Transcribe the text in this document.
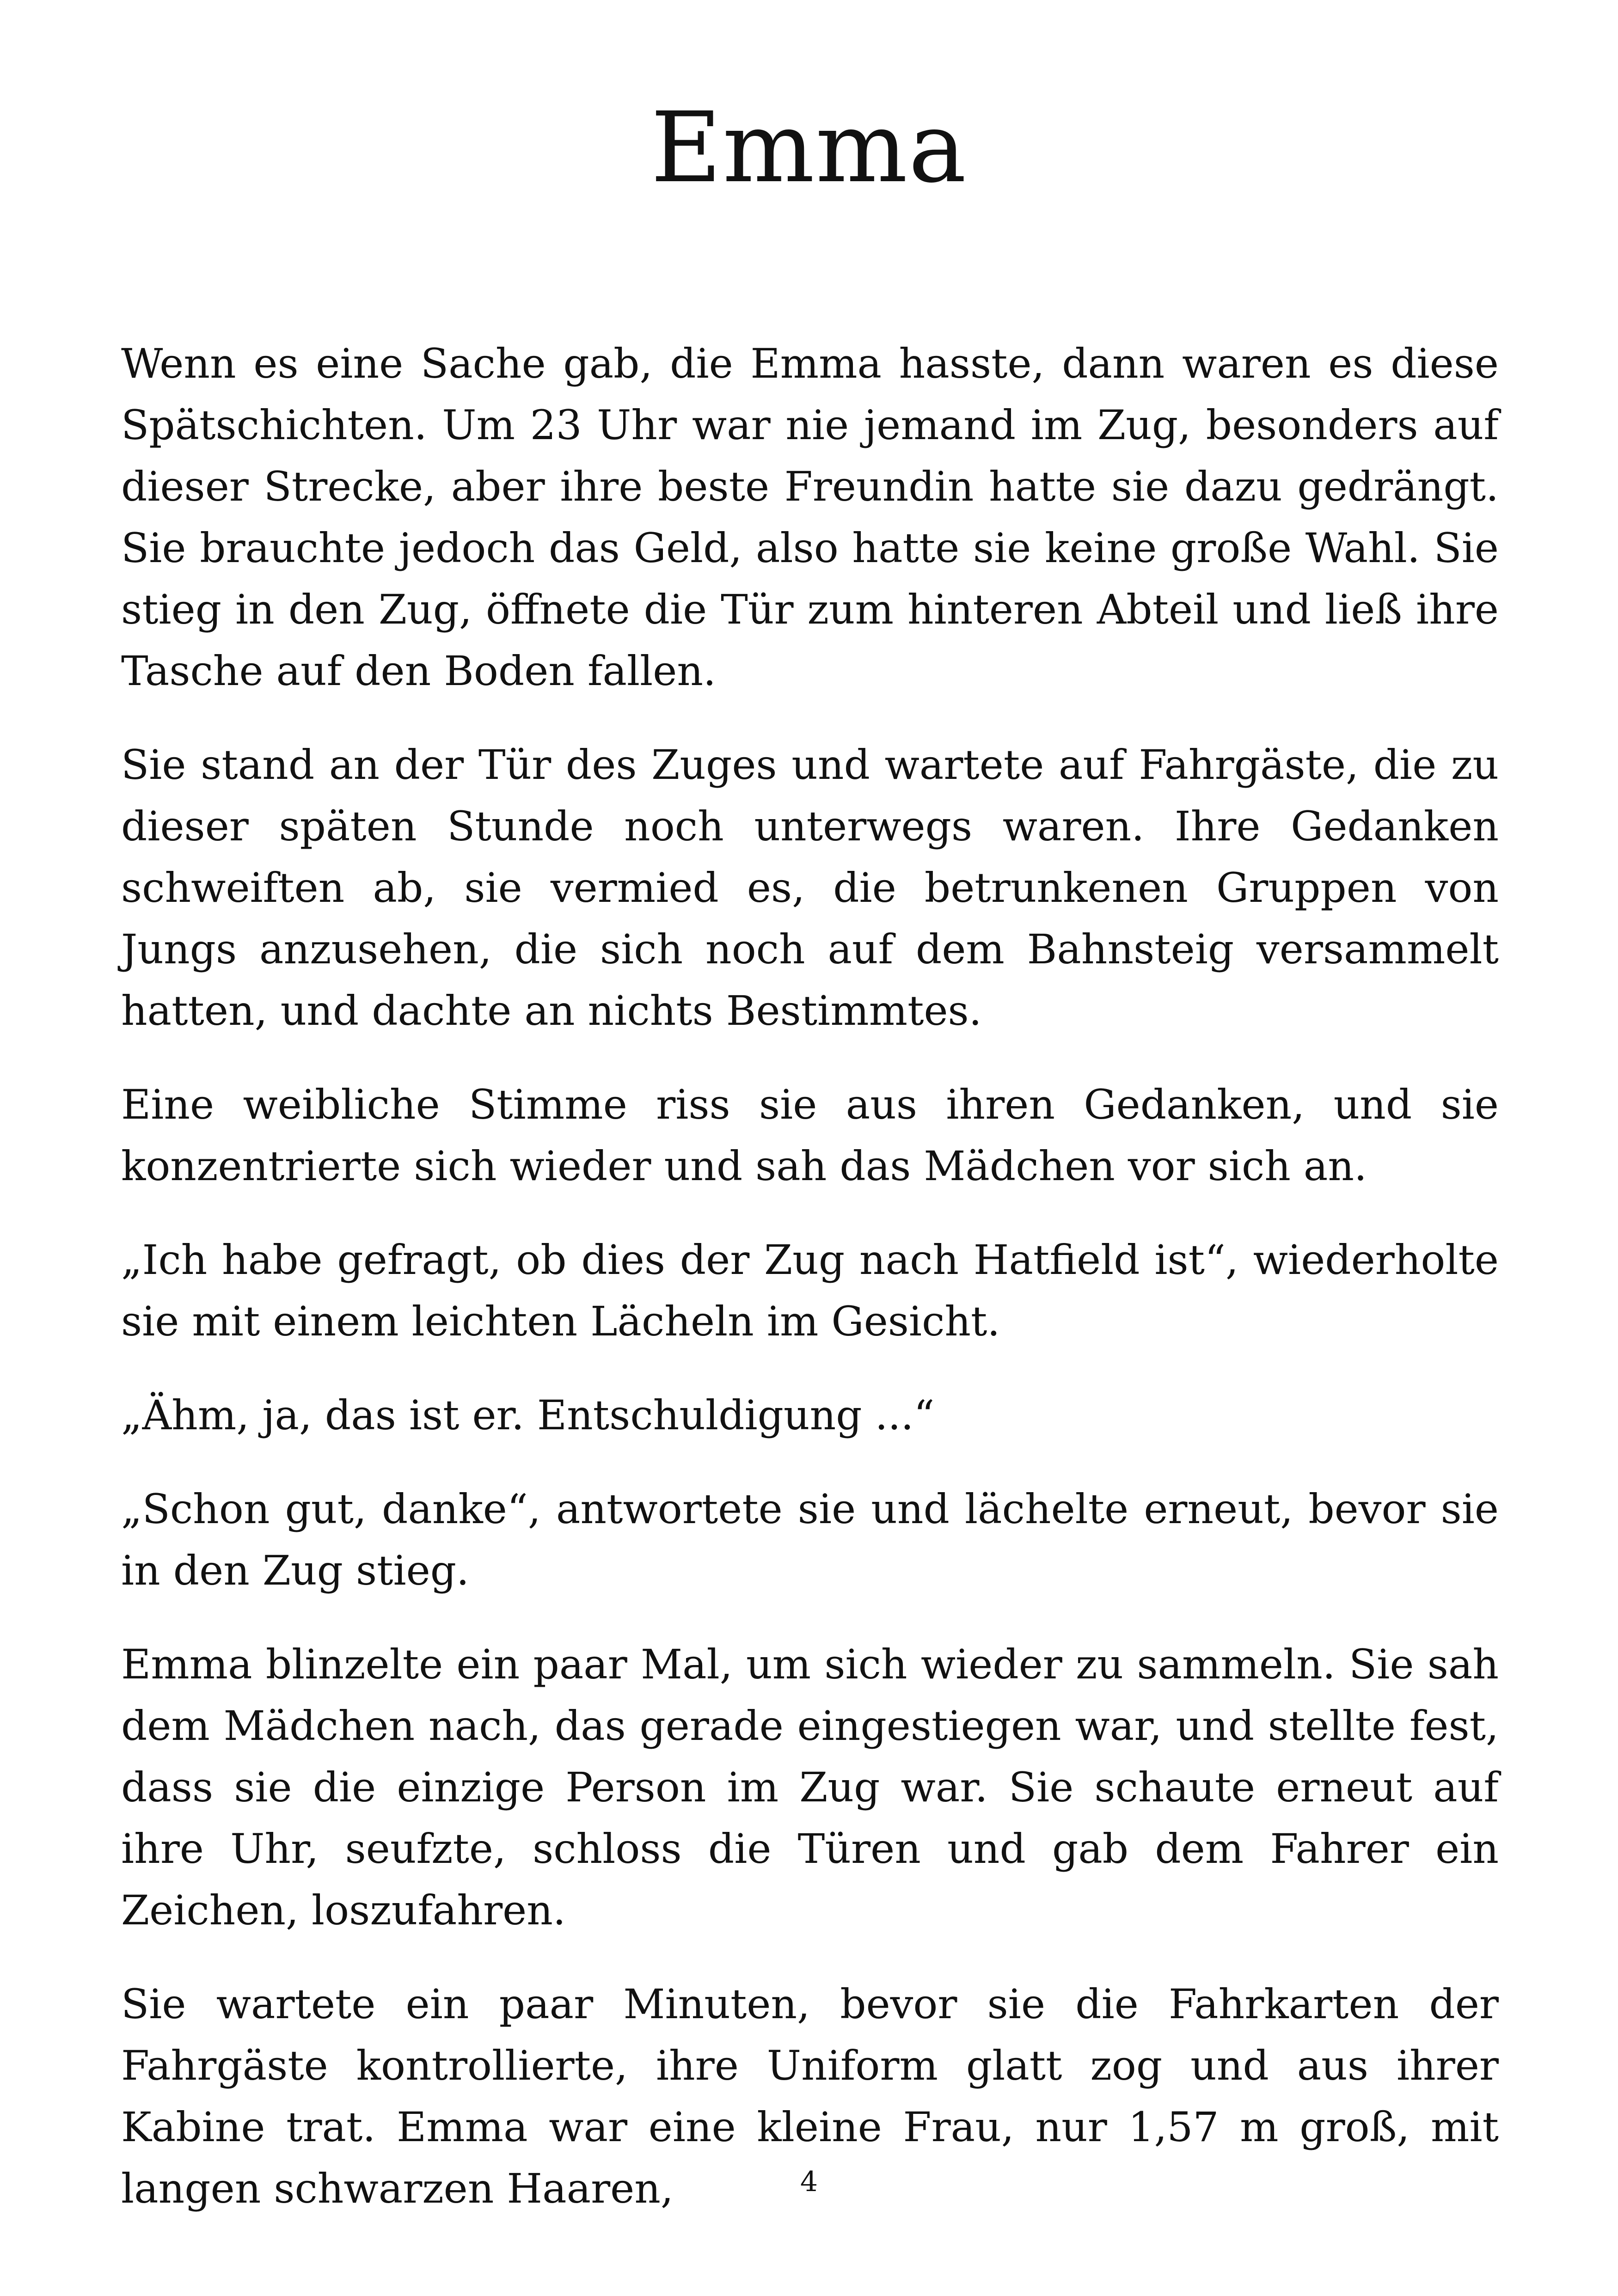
Emma

Wenn es eine Sache gab, die Emma hasste, dann waren es diese Spätschichten. Um 23 Uhr war nie jemand im Zug, besonders auf dieser Strecke, aber ihre beste Freundin hatte sie dazu gedrängt. Sie brauchte jedoch das Geld, also hatte sie keine große Wahl. Sie stieg in den Zug, öffnete die Tür zum hinteren Abteil und ließ ihre Tasche auf den Boden fallen.

Sie stand an der Tür des Zuges und wartete auf Fahrgäste, die zu dieser späten Stunde noch unterwegs waren. Ihre Gedanken schweiften ab, sie vermied es, die betrunkenen Gruppen von Jungs anzusehen, die sich noch auf dem Bahnsteig versammelt hatten, und dachte an nichts Bestimmtes.

Eine weibliche Stimme riss sie aus ihren Gedanken, und sie konzentrierte sich wieder und sah das Mädchen vor sich an.

„Ich habe gefragt, ob dies der Zug nach Hatfield ist“, wiederholte sie mit einem leichten Lächeln im Gesicht.

„Ähm, ja, das ist er. Entschuldigung ...“

„Schon gut, danke“, antwortete sie und lächelte erneut, bevor sie in den Zug stieg.

Emma blinzelte ein paar Mal, um sich wieder zu sammeln. Sie sah dem Mädchen nach, das gerade eingestiegen war, und stellte fest, dass sie die einzige Person im Zug war. Sie schaute erneut auf ihre Uhr, seufzte, schloss die Türen und gab dem Fahrer ein Zeichen, loszufahren.

Sie wartete ein paar Minuten, bevor sie die Fahrkarten der Fahrgäste kontrollierte, ihre Uniform glatt zog und aus ihrer Kabine trat. Emma war eine kleine Frau, nur 1,57 m groß, mit langen schwarzen Haaren,	4
